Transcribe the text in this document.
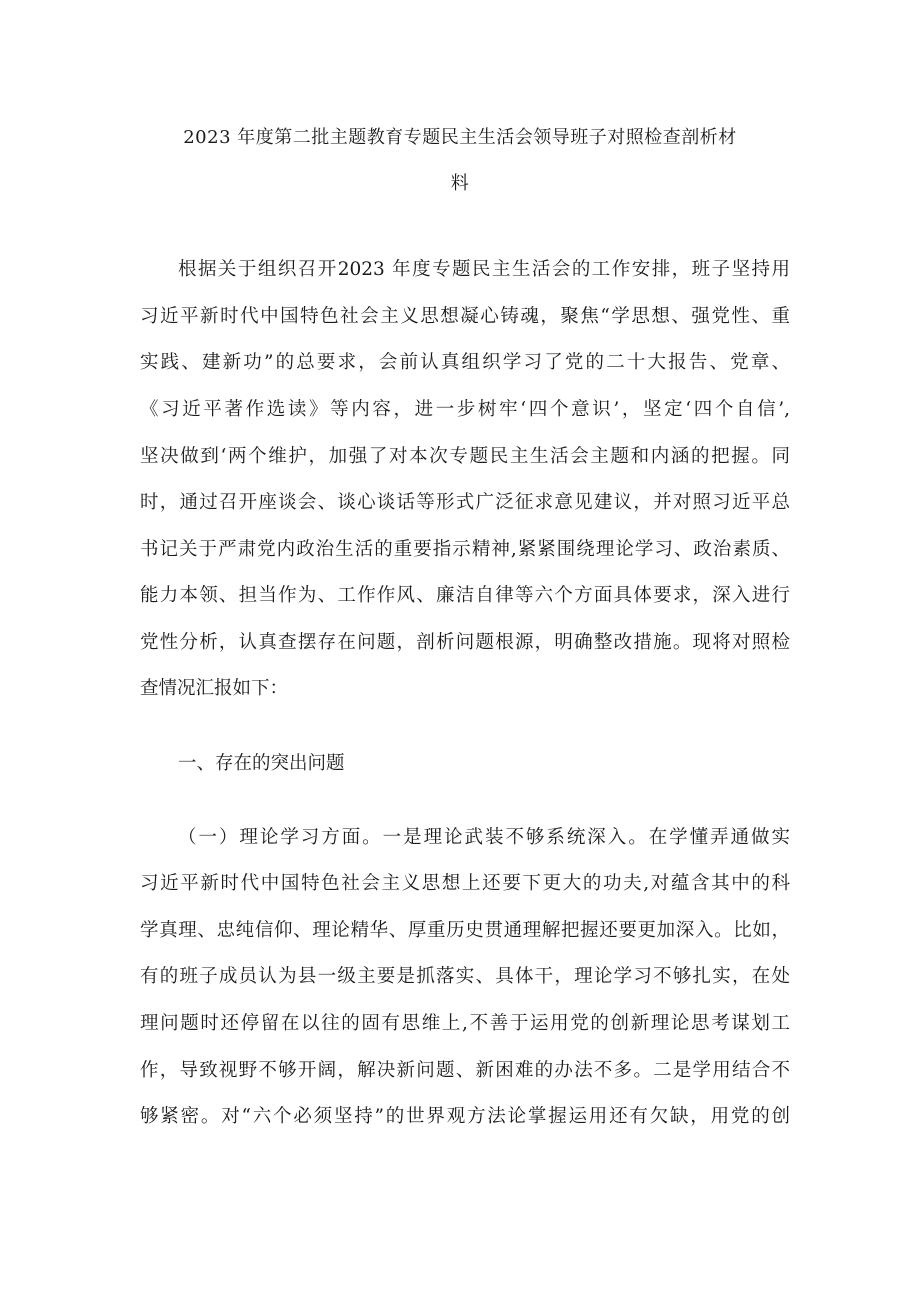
2023 年度第二批主题教育专题民主生活会领导班子对照检查剖析材
料
根据关于组织召开2023 年度专题民主生活会的工作安排，班子坚持用
习近平新时代中国特色社会主义思想凝心铸魂，聚焦“学思想、强党性、重
实践、建新功”的总要求，会前认真组织学习了党的二十大报告、党章、
《习近平著作选读》等内容，进一步树牢‘四个意识’，坚定‘四个自信’,
坚决做到‘两个维护，加强了对本次专题民主生活会主题和内涵的把握。同
时，通过召开座谈会、谈心谈话等形式广泛征求意见建议，并对照习近平总
书记关于严肃党内政治生活的重要指示精神,紧紧围绕理论学习、政治素质、
能力本领、担当作为、工作作风、廉洁自律等六个方面具体要求，深入进行
党性分析，认真查摆存在问题，剖析问题根源，明确整改措施。现将对照检
查情况汇报如下：
一、存在的突出问题
（一）理论学习方面。一是理论武装不够系统深入。在学懂弄通做实
习近平新时代中国特色社会主义思想上还要下更大的功夫,对蕴含其中的科
学真理、忠纯信仰、理论精华、厚重历史贯通理解把握还要更加深入。比如，
有的班子成员认为县一级主要是抓落实、具体干，理论学习不够扎实，在处
理问题时还停留在以往的固有思维上,不善于运用党的创新理论思考谋划工
作，导致视野不够开阔，解决新问题、新困难的办法不多。二是学用结合不
够紧密。对“六个必须坚持”的世界观方法论掌握运用还有欠缺，用党的创
